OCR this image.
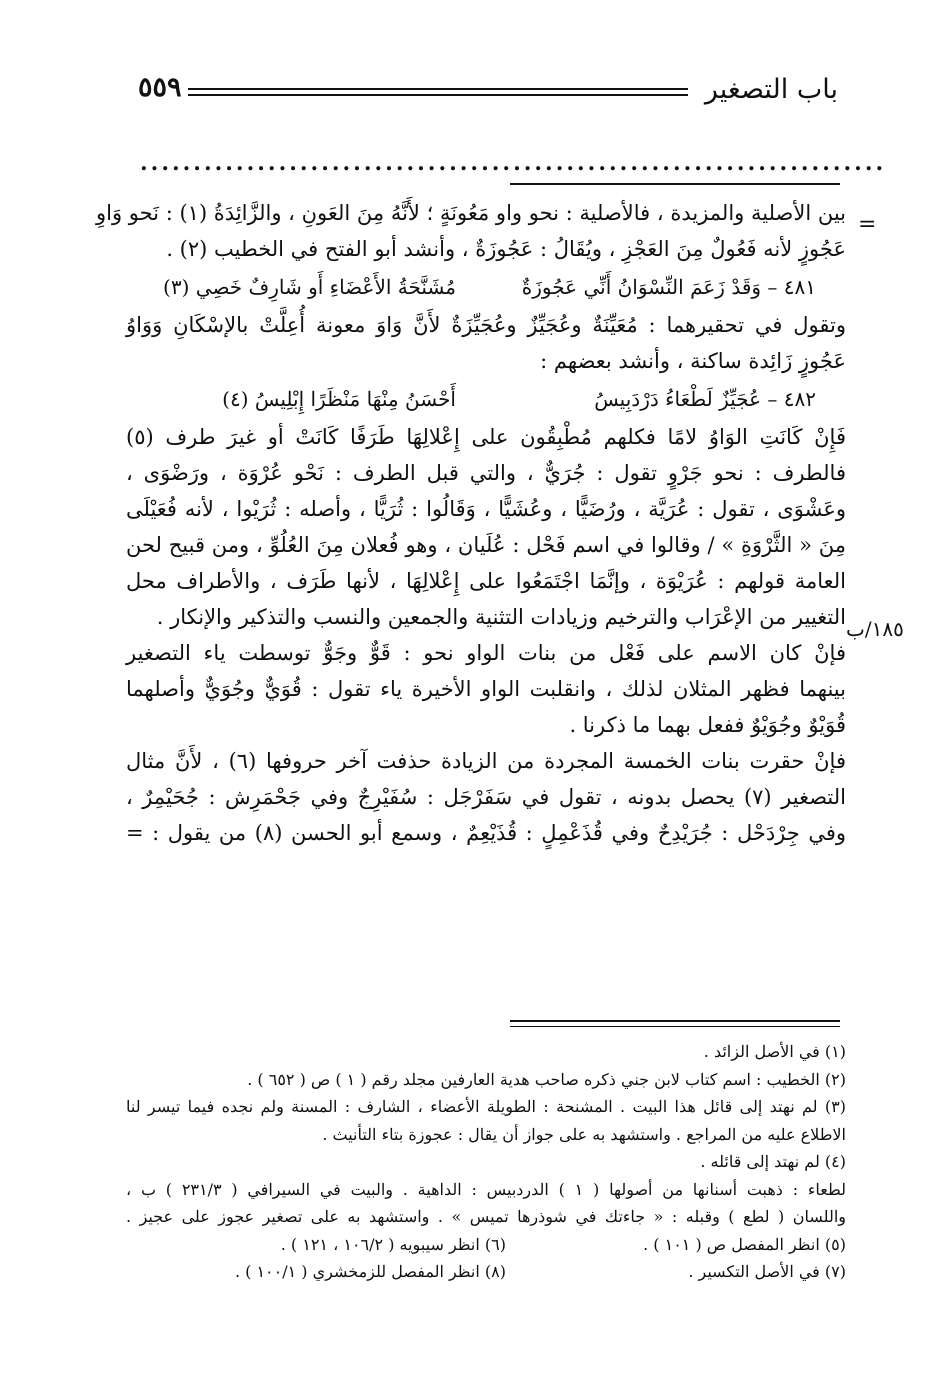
باب التصغير
٥٥٩
......................................................................
=
١٨٥/ب
بين الأصلية والمزيدة ، فالأصلية : نحو واو مَعُونَةٍ ؛ لأَنَّهُ مِنَ العَونِ ، والزَّائِدَةُ (١) : نَحو وَاوِ
عَجُوزٍ لأنه فَعُولٌ مِنَ العَجْزِ ، ويُقَالُ : عَجُوزَةٌ ، وأنشد أبو الفتح في الخطيب (٢) .
٤٨١ – وَقَدْ زَعَمَ النِّسْوَانُ أَنِّي عَجُوزَةٌ
مُشَنَّحَةُ الأَعْضَاءِ أَو شَارِفٌ خَصِي (٣)
وتقول في تحقيرهما : مُعَيِّنَةٌ وعُجَيِّزٌ وعُجَيِّزَةٌ لأَنَّ وَاوَ معونة أُعِلَّتْ بالإسْكَانِ وَوَاوُ
عَجُوزٍ زَائِدة ساكنة ، وأنشد بعضهم :
٤٨٢ – عُجَيِّزٌ لَطْعَاءُ دَرْدَبِيسُ
أَحْسَنُ مِنْهَا مَنْظَرًا إِبْلِيسُ (٤)
فَإِنْ كَانَتِ الوَاوُ لامًا فكلهم مُطْبِقُون على إِعْلالِهَا طَرَفًا كَانَتْ أو غيرَ طرف (٥)
فالطرف : نحو جَرْوٍ تقول : جُرَيٌّ ، والتي قبل الطرف : نَحْو عُرْوَة ، ورَضْوَى ،
وعَشْوَى ، تقول : عُرَيَّة ، ورُضَيًّا ، وعُشَيًّا ، وَقَالُوا : ثُرَيًّا ، وأصله : ثُرَيْوا ، لأنه فُعَيْلَى
مِنَ « الثَّرْوَةِ » / وقالوا في اسم فَحْل : عُلَيان ، وهو فُعلان مِنَ العُلُوِّ ، ومن قبيح لحن
العامة قولهم : عُرَيْوَة ، وإنَّمَا اجْتَمَعُوا على إِعْلالِهَا ، لأنها طَرَف ، والأطراف محل
التغيير من الإعْرَاب والترخيم وزيادات التثنية والجمعين والنسب والتذكير والإنكار .
فإنْ كان الاسم على فَعْل من بنات الواو نحو : قَوٌّ وجَوٌّ توسطت ياء التصغير
بينهما فظهر المثلان لذلك ، وانقلبت الواو الأخيرة ياء تقول : قُوَيٌّ وجُوَيٌّ وأصلهما
قُوَيْوٌ وجُوَيْوٌ ففعل بهما ما ذكرنا .
فإنْ حقرت بنات الخمسة المجردة من الزيادة حذفت آخر حروفها (٦) ، لأَنَّ مثال
التصغير (٧) يحصل بدونه ، تقول في سَفَرْجَل : سُفَيْرِجٌ وفي جَحْمَرِش : جُحَيْمِرٌ ،
وفي جِرْدَحْل : جُرَيْدِحٌ وفي قُذَعْمِلٍ : قُذَيْعِمٌ ، وسمع أبو الحسن (٨) من يقول : =
(١) في الأصل الزائد .
(٢) الخطيب : اسم كتاب لابن جني ذكره صاحب هدية العارفين مجلد رقم ( ١ ) ص ( ٦٥٢ ) .
(٣) لم نهتد إلى قائل هذا البيت . المشنحة : الطويلة الأعضاء ، الشارف : المسنة ولم نجده فيما تيسر لنا
الاطلاع عليه من المراجع . واستشهد به على جواز أن يقال : عجوزة بتاء التأنيث .
(٤) لم نهتد إلى قائله .
لطعاء : ذهبت أسنانها من أصولها ( ١ ) الدردبيس : الداهية . والبيت في السيرافي ( ٢٣١/٣ ) ب ،
واللسان ( لطع ) وقبله : « جاءتك في شوذرها تميس » . واستشهد به على تصغير عجوز على عجيز .
(٥) انظر المفصل ص ( ١٠١ ) .
(٦) انظر سيبويه ( ١٠٦/٢ ، ١٢١ ) .
(٧) في الأصل التكسير .
(٨) انظر المفصل للزمخشري ( ١٠٠/١ ) .
